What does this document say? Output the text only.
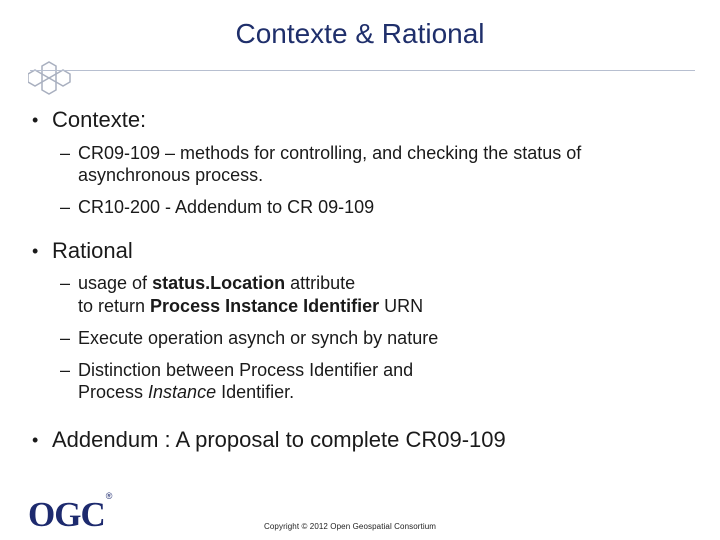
Contexte & Rational
• Contexte:
– CR09-109 – methods for controlling, and checking the status of
asynchronous process.
– CR10-200 - Addendum to CR 09-109
• Rational
– usage of status.Location attribute
to return Process Instance Identifier URN
– Execute operation asynch or synch by nature
– Distinction between Process Identifier and
Process Instance Identifier.
• Addendum : A proposal to complete CR09-109
OGC®
Copyright © 2012 Open Geospatial Consortium
